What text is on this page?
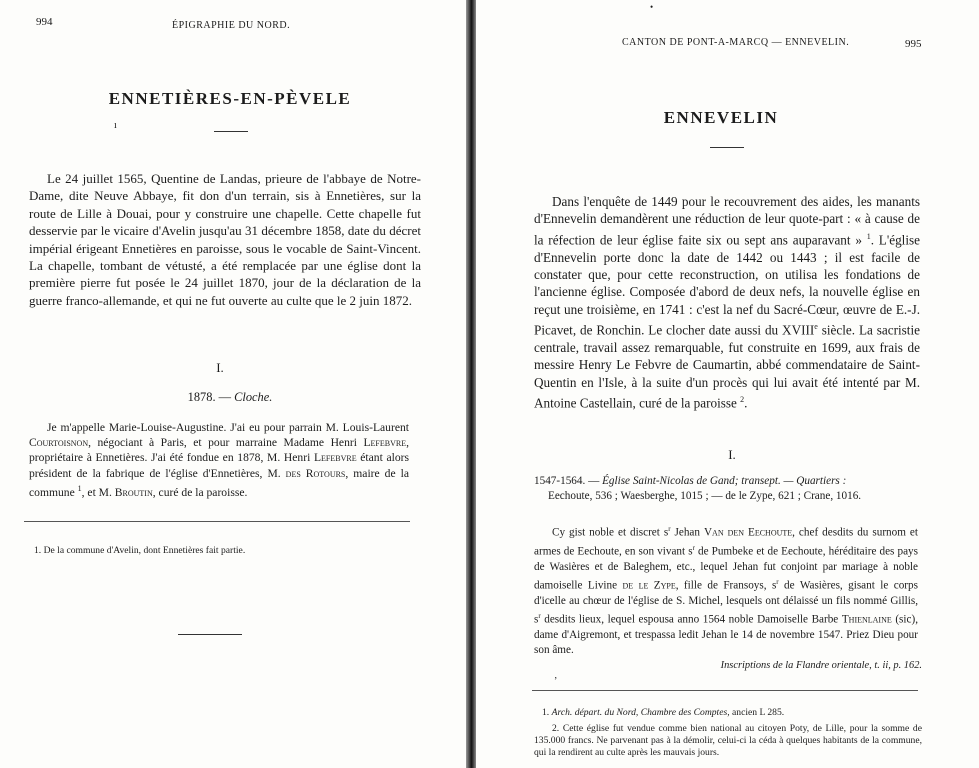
994	ÉPIGRAPHIE DU NORD.
ENNETIÈRES-EN-PÈVELE
ı

Le 24 juillet 1565, Quentine de Landas, prieure de l'abbaye de Notre-Dame, dite Neuve Abbaye, fit don d'un terrain, sis à Ennetières, sur la route de Lille à Douai, pour y construire une chapelle. Cette chapelle fut desservie par le vicaire d'Avelin jusqu'au 31 décembre 1858, date du décret impérial érigeant Ennetières en paroisse, sous le vocable de Saint-Vincent. La chapelle, tombant de vétusté, a été remplacée par une église dont la première pierre fut posée le 24 juillet 1870, jour de la déclaration de la guerre franco-allemande, et qui ne fut ouverte au culte que le 2 juin 1872.

I.
1878. — Cloche.

Je m'appelle Marie-Louise-Augustine. J'ai eu pour parrain M. Louis-Laurent Courtoisnon, négociant à Paris, et pour marraine Madame Henri Lefebvre, propriétaire à Ennetières. J'ai été fondue en 1878, M. Henri Lefebvre étant alors président de la fabrique de l'église d'Ennetières, M. des Rotours, maire de la commune $^1$, et M. Broutin, curé de la paroisse.

1. De la commune d'Avelin, dont Ennetières fait partie.

•
CANTON DE PONT-A-MARCQ — ENNEVELIN.	995
ENNEVELIN

Dans l'enquête de 1449 pour le recouvrement des aides, les manants d'Ennevelin demandèrent une réduction de leur quote-part : « à cause de la réfection de leur église faite six ou sept ans auparavant » $^1$. L'église d'Ennevelin porte donc la date de 1442 ou 1443 ; il est facile de constater que, pour cette reconstruction, on utilisa les fondations de l'ancienne église. Composée d'abord de deux nefs, la nouvelle église en reçut une troisième, en 1741 : c'est la nef du Sacré-Cœur, œuvre de E.-J. Picavet, de Ronchin. Le clocher date aussi du XVIIIe siècle. La sacristie centrale, travail assez remarquable, fut construite en 1699, aux frais de messire Henry Le Febvre de Caumartin, abbé commendataire de Saint-Quentin en l'Isle, à la suite d'un procès qui lui avait été intenté par M. Antoine Castellain, curé de la paroisse $^2$.

I.
1547-1564. — Église Saint-Nicolas de Gand; transept. — Quartiers :
Eechoute, 536 ; Waesberghe, 1015 ; — de le Zype, 621 ; Crane, 1016.

Cy gist noble et discret $s^r$ Jehan Van den Eechoute, chef desdits du surnom et armes de Eechoute, en son vivant $s^r$ de Pumbeke et de Eechoute, héréditaire des pays de Wasières et de Baleghem, etc., lequel Jehan fut conjoint par mariage à noble damoiselle Livine de le Zype, fille de Fransoys, $s^r$ de Wasières, gisant le corps d'icelle au chœur de l'église de S. Michel, lesquels ont délaissé un fils nommé Gillis, $s^r$ desdits lieux, lequel espousa anno 1564 noble Damoiselle Barbe Thienlaine (sic), dame d'Aigremont, et trespassa ledit Jehan le 14 de novembre 1547. Priez Dieu pour son âme.

Inscriptions de la Flandre orientale, t. ii, p. 162.
ʼ

1. Arch. départ. du Nord, Chambre des Comptes, ancien L 285.

2. Cette église fut vendue comme bien national au citoyen Poty, de Lille, pour la somme de 135.000 francs. Ne parvenant pas à la démolir, celui-ci la céda à quelques habitants de la commune, qui la rendirent au culte après les mauvais jours.
